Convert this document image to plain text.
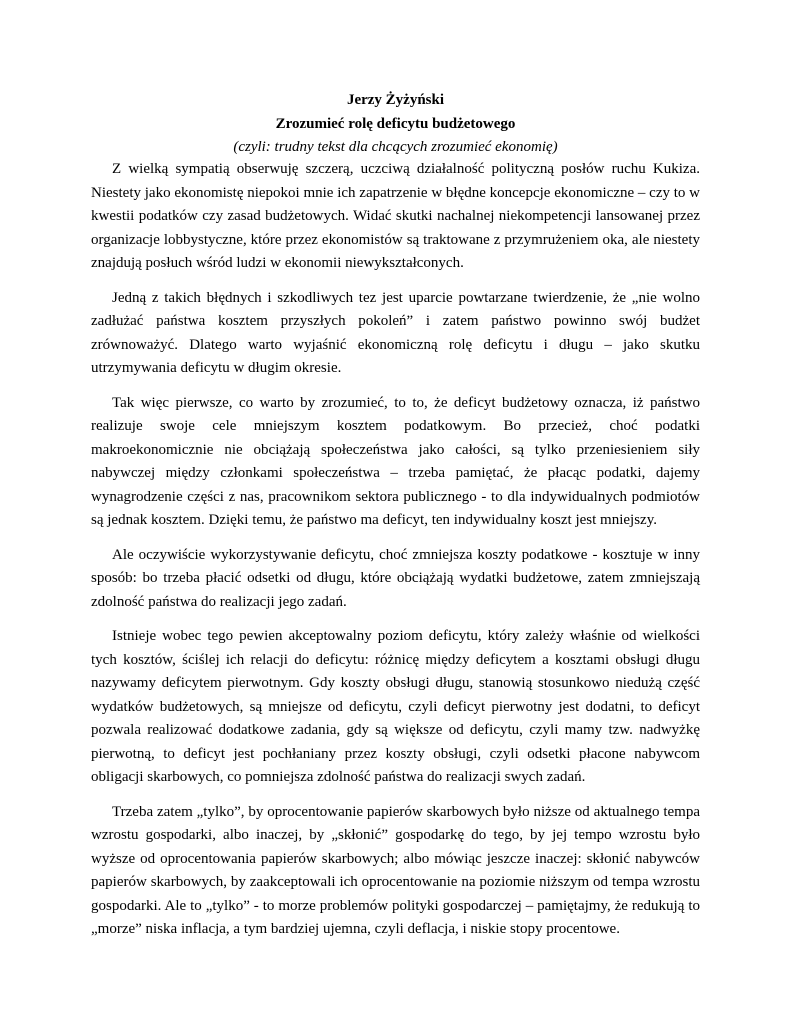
Jerzy Żyżyński

Zrozumieć rolę deficytu budżetowego

(czyli: trudny tekst dla chcących zrozumieć ekonomię)

Z wielką sympatią obserwuję szczerą, uczciwą działalność polityczną posłów ruchu Kukiza. Niestety jako ekonomistę niepokoi mnie ich zapatrzenie w błędne koncepcje ekonomiczne – czy to w kwestii podatków czy zasad budżetowych. Widać skutki nachalnej niekompetencji lansowanej przez organizacje lobbystyczne, które przez ekonomistów są traktowane z przymrużeniem oka, ale niestety znajdują posłuch wśród ludzi w ekonomii niewykształconych.

Jedną z takich błędnych i szkodliwych tez jest uparcie powtarzane twierdzenie, że „nie wolno zadłużać państwa kosztem przyszłych pokoleń” i zatem państwo powinno swój budżet zrównoważyć. Dlatego warto wyjaśnić ekonomiczną rolę deficytu i długu – jako skutku utrzymywania deficytu w długim okresie.

Tak więc pierwsze, co warto by zrozumieć, to to, że deficyt budżetowy oznacza, iż państwo realizuje swoje cele mniejszym kosztem podatkowym. Bo przecież, choć podatki makroekonomicznie nie obciążają społeczeństwa jako całości, są tylko przeniesieniem siły nabywczej między członkami społeczeństwa – trzeba pamiętać, że płacąc podatki, dajemy wynagrodzenie części z nas, pracownikom sektora publicznego - to dla indywidualnych podmiotów są jednak kosztem. Dzięki temu, że państwo ma deficyt, ten indywidualny koszt jest mniejszy.

Ale oczywiście wykorzystywanie deficytu, choć zmniejsza koszty podatkowe - kosztuje w inny sposób: bo trzeba płacić odsetki od długu, które obciążają wydatki budżetowe, zatem zmniejszają zdolność państwa do realizacji jego zadań.

Istnieje wobec tego pewien akceptowalny poziom deficytu, który zależy właśnie od wielkości tych kosztów, ściślej ich relacji do deficytu: różnicę między deficytem a kosztami obsługi długu nazywamy deficytem pierwotnym. Gdy koszty obsługi długu, stanowią stosunkowo niedużą część wydatków budżetowych, są mniejsze od deficytu, czyli deficyt pierwotny jest dodatni, to deficyt pozwala realizować dodatkowe zadania, gdy są większe od deficytu, czyli mamy tzw. nadwyżkę pierwotną, to deficyt jest pochłaniany przez koszty obsługi, czyli odsetki płacone nabywcom obligacji skarbowych, co pomniejsza zdolność państwa do realizacji swych zadań.

Trzeba zatem „tylko”, by oprocentowanie papierów skarbowych było niższe od aktualnego tempa wzrostu gospodarki, albo inaczej, by „skłonić” gospodarkę do tego, by jej tempo wzrostu było wyższe od oprocentowania papierów skarbowych; albo mówiąc jeszcze inaczej: skłonić nabywców papierów skarbowych, by zaakceptowali ich oprocentowanie na poziomie niższym od tempa wzrostu gospodarki. Ale to „tylko” - to morze problemów polityki gospodarczej – pamiętajmy, że redukują to „morze” niska inflacja, a tym bardziej ujemna, czyli deflacja, i niskie stopy procentowe.
